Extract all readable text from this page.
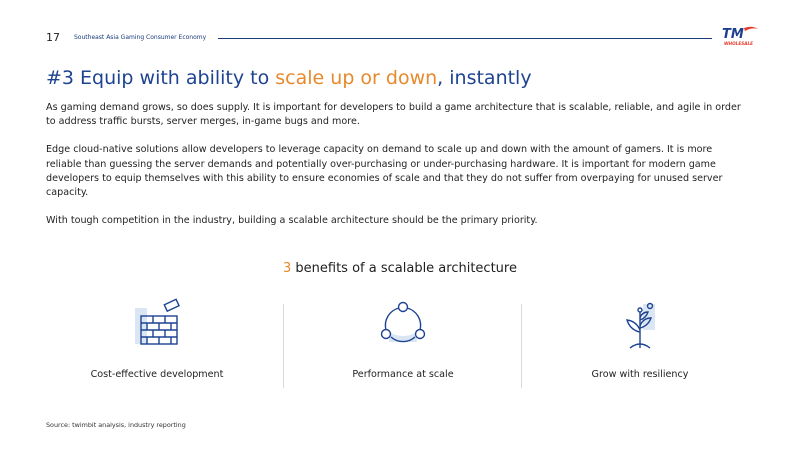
17 Southeast Asia Gaming Consumer Economy	TM
WHOLESALE
#3 Equip with ability to scale up or down, instantly

As gaming demand grows, so does supply. It is important for developers to build a game architecture that is scalable, reliable, and agile in order to address traffic bursts, server merges, in-game bugs and more.

Edge cloud-native solutions allow developers to leverage capacity on demand to scale up and down with the amount of gamers. It is more reliable than guessing the server demands and potentially over-purchasing or under-purchasing hardware. It is important for modern game developers to equip themselves with this ability to ensure economies of scale and that they do not suffer from overpaying for unused server capacity.

With tough competition in the industry, building a scalable architecture should be the primary priority.

3 benefits of a scalable architecture
Cost-effective development	Performance at scale	Grow with resiliency
Source: twimbit analysis, industry reporting
